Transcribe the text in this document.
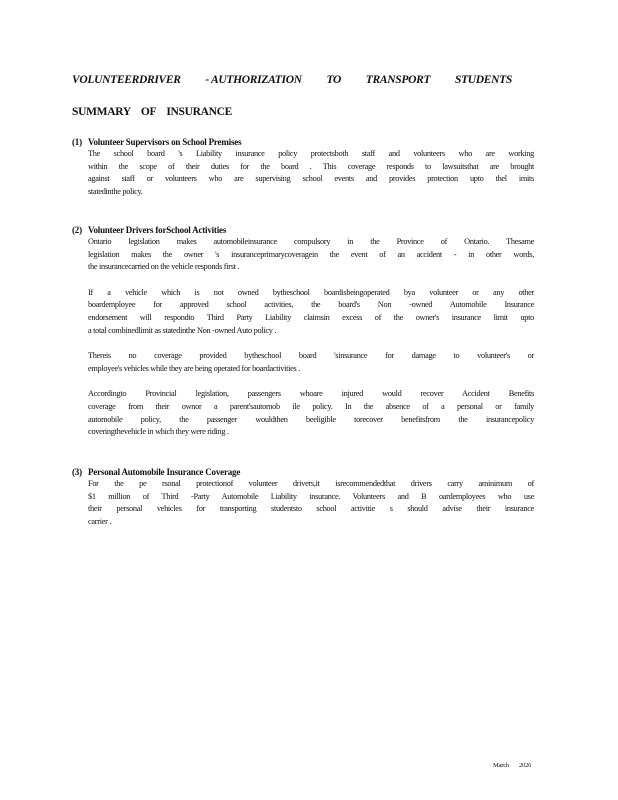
VOLUNTEERDRIVER - AUTHORIZATION TO TRANSPORT STUDENTS
SUMMARY OF INSURANCE
(1) Volunteer Supervisors on School Premises
The school board 's Liability insurance policy protectsboth staff and volunteers who are working
within the scope of their duties for the board . This coverage responds to lawsuitsthat are brought
against staff or volunteers who are supervising school events and provides protection upto thel imits
statedinthe policy.
(2) Volunteer Drivers forSchool Activities
Ontario legislation makes automobileinsurance compulsory in the Province of Ontario. Thesame
legislation makes the owner 's insuranceprimarycoveragein the event of an accident - in other words,
the insurancecarried on the vehicle responds first .
If a vehicle which is not owned bytheschool boardisbeingoperated bya volunteer or any other
boardemployee for approved school activities, the board's Non -owned Automobile Insurance
endorsement will respondto Third Party Liability claimsin excess of the owner's insurance limit upto
a total combinedlimit as statedinthe Non -owned Auto policy .
Thereis no coverage provided bytheschool board 'sinsurance for damage to volunteer's or
employee's vehicles while they are being operated for boardactivities .
Accordingto Provincial legislation, passengers whoare injured would recover Accident Benefits
coverage from their ownor a parent'sautomob ile policy. In the absence of a personal or family
automobile policy, the passenger wouldthen beeligible torecover benefitsfrom the insurancepolicy
coveringthevehicle in which they were riding .
(3) Personal Automobile Insurance Coverage
For the pe rsonal protectionof volunteer drivers,it isrecommendedthat drivers carry aminimum of
$1 million of Third -Party Automobile Liability insurance. Volunteers and B oardemployees who use
their personal vehicles for transporting studentsto school activitie s should advise their insurance
carrier .
March 2026
